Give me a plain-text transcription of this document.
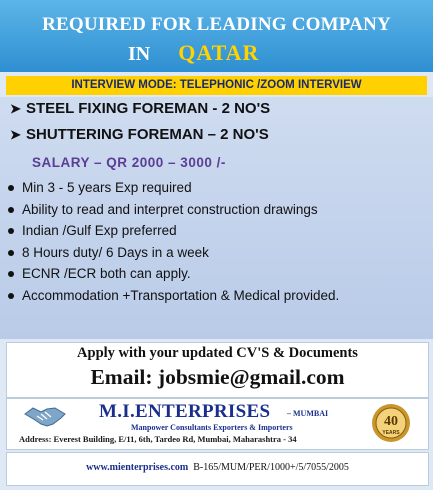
REQUIRED FOR LEADING COMPANY
IN QATAR
INTERVIEW MODE: TELEPHONIC /ZOOM INTERVIEW
➤ STEEL FIXING FOREMAN - 2 NO'S
➤ SHUTTERING FOREMAN – 2 NO'S
SALARY – QR 2000 – 3000 /-
Min 3 - 5 years Exp required
Ability to read and interpret construction drawings
Indian /Gulf Exp preferred
8 Hours duty/ 6 Days in a week
ECNR /ECR both can apply.
Accommodation +Transportation & Medical provided.
Apply with your updated CV'S & Documents
Email: jobsmie@gmail.com
M.I.ENTERPRISES – MUMBAI
Manpower Consultants Exporters & Importers
Address: Everest Building, E/11, 6th, Tardeo Rd, Mumbai, Maharashtra - 34
40
YEARS
www.mienterprises.com B-165/MUM/PER/1000+/5/7055/2005
